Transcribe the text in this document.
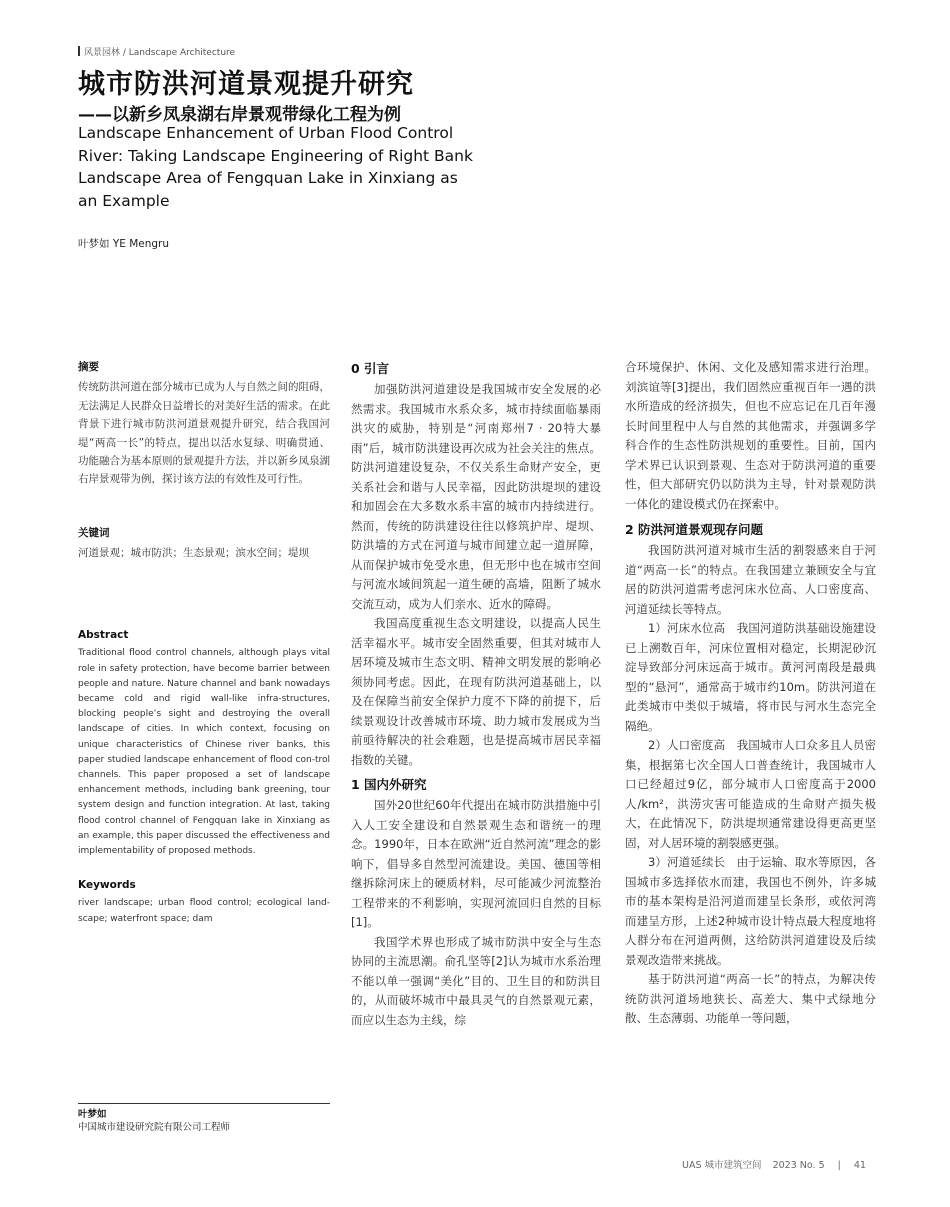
风景园林 / Landscape Architecture
城市防洪河道景观提升研究
——以新乡凤泉湖右岸景观带绿化工程为例
Landscape Enhancement of Urban Flood Control River: Taking Landscape Engineering of Right Bank Landscape Area of Fengquan Lake in Xinxiang as an Example
叶梦如 YE Mengru
摘要

传统防洪河道在部分城市已成为人与自然之间的阻碍，无法满足人民群众日益增长的对美好生活的需求。在此背景下进行城市防洪河道景观提升研究，结合我国河堤“两高一长”的特点，提出以活水复绿、明确贯通、功能融合为基本原则的景观提升方法，并以新乡凤泉湖右岸景观带为例，探讨该方法的有效性及可行性。

关键词

河道景观；城市防洪；生态景观；滨水空间；堤坝

Abstract

Traditional flood control channels, although plays vital role in safety protection, have become barrier between people and nature. Nature channel and bank nowadays became cold and rigid wall-like infra-structures, blocking people’s sight and destroying the overall landscape of cities. In which context, focusing on unique characteristics of Chinese river banks, this paper studied landscape enhancement of flood con-trol channels. This paper proposed a set of landscape enhancement methods, including bank greening, tour system design and function integration. At last, taking flood control channel of Fengquan lake in Xinxiang as an example, this paper discussed the effectiveness and implementability of proposed methods.

Keywords

river landscape; urban flood control; ecological land-scape; waterfront space; dam

叶梦如
中国城市建设研究院有限公司工程师
0 引言

加强防洪河道建设是我国城市安全发展的必然需求。我国城市水系众多，城市持续面临暴雨洪灾的威胁，特别是“河南郑州7 · 20特大暴雨”后，城市防洪建设再次成为社会关注的焦点。防洪河道建设复杂，不仅关系生命财产安全，更关系社会和谐与人民幸福，因此防洪堤坝的建设和加固会在大多数水系丰富的城市内持续进行。然而，传统的防洪建设往往以修筑护岸、堤坝、防洪墙的方式在河道与城市间建立起一道屏障，从而保护城市免受水患，但无形中也在城市空间与河流水域间筑起一道生硬的高墙，阻断了城水交流互动，成为人们亲水、近水的障碍。

我国高度重视生态文明建设，以提高人民生活幸福水平。城市安全固然重要，但其对城市人居环境及城市生态文明、精神文明发展的影响必须协同考虑。因此，在现有防洪河道基础上，以及在保障当前安全保护力度不下降的前提下，后续景观设计改善城市环境、助力城市发展成为当前亟待解决的社会难题，也是提高城市居民幸福指数的关键。

1 国内外研究

国外20世纪60年代提出在城市防洪措施中引入人工安全建设和自然景观生态和谐统一的理念。1990年，日本在欧洲“近自然河流”理念的影响下，倡导多自然型河流建设。美国、德国等相继拆除河床上的硬质材料，尽可能减少河流整治工程带来的不利影响，实现河流回归自然的目标[1]。

我国学术界也形成了城市防洪中安全与生态协同的主流思潮。俞孔坚等[2]认为城市水系治理不能以单一强调“美化”目的、卫生目的和防洪目的，从而破坏城市中最具灵气的自然景观元素，而应以生态为主线，综

合环境保护、休闲、文化及感知需求进行治理。刘滨谊等[3]提出，我们固然应重视百年一遇的洪水所造成的经济损失，但也不应忘记在几百年漫长时间里程中人与自然的其他需求，并强调多学科合作的生态性防洪规划的重要性。目前，国内学术界已认识到景观、生态对于防洪河道的重要性，但大部研究仍以防洪为主导，针对景观防洪一体化的建设模式仍在探索中。

2 防洪河道景观现存问题

我国防洪河道对城市生活的割裂感来自于河道“两高一长”的特点。在我国建立兼顾安全与宜居的防洪河道需考虑河床水位高、人口密度高、河道延续长等特点。

1）河床水位高　我国河道防洪基础设施建设已上溯数百年，河床位置相对稳定，长期泥砂沉淀导致部分河床远高于城市。黄河河南段是最典型的“悬河”，通常高于城市约10m。防洪河道在此类城市中类似于城墙，将市民与河水生态完全隔绝。

2）人口密度高　我国城市人口众多且人员密集，根据第七次全国人口普查统计，我国城市人口已经超过9亿，部分城市人口密度高于2000人/km²，洪涝灾害可能造成的生命财产损失极大，在此情况下，防洪堤坝通常建设得更高更坚固，对人居环境的割裂感更强。

3）河道延续长　由于运输、取水等原因，各国城市多选择依水而建，我国也不例外，许多城市的基本架构是沿河道而建呈长条形，或依河湾而建呈方形，上述2种城市设计特点最大程度地将人群分布在河道两侧，这给防洪河道建设及后续景观改造带来挑战。

基于防洪河道“两高一长”的特点，为解决传统防洪河道场地狭长、高差大、集中式绿地分散、生态薄弱、功能单一等问题，

UAS 城市建筑空间 2023 No. 5 | 41
